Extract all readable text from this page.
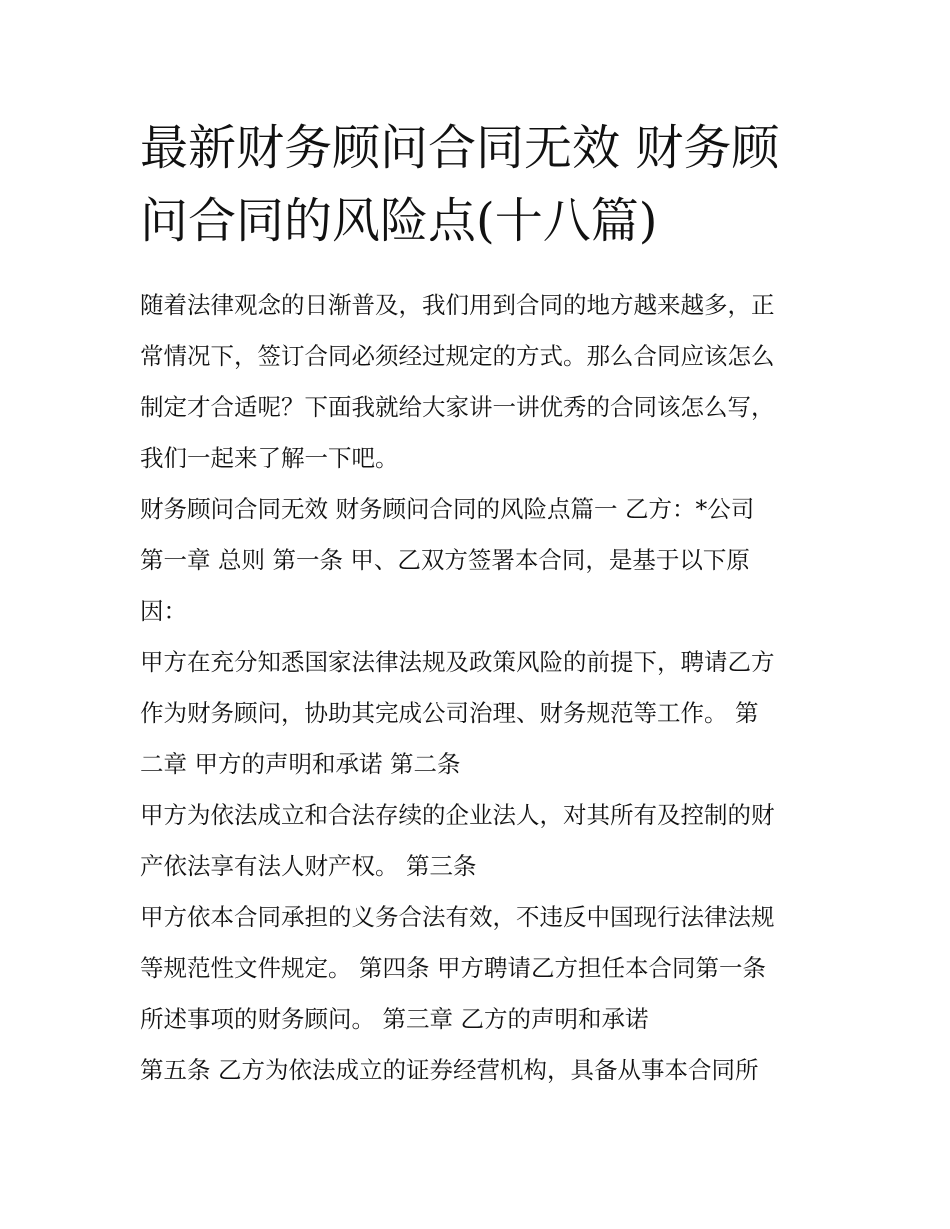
最新财务顾问合同无效 财务顾
问合同的风险点(十八篇)
随着法律观念的日渐普及，我们用到合同的地方越来越多，正
常情况下，签订合同必须经过规定的方式。那么合同应该怎么
制定才合适呢？下面我就给大家讲一讲优秀的合同该怎么写，
我们一起来了解一下吧。
财务顾问合同无效 财务顾问合同的风险点篇一 乙方：*公司
第一章 总则 第一条 甲、乙双方签署本合同，是基于以下原
因：
甲方在充分知悉国家法律法规及政策风险的前提下，聘请乙方
作为财务顾问，协助其完成公司治理、财务规范等工作。 第
二章 甲方的声明和承诺 第二条
甲方为依法成立和合法存续的企业法人，对其所有及控制的财
产依法享有法人财产权。 第三条
甲方依本合同承担的义务合法有效，不违反中国现行法律法规
等规范性文件规定。 第四条 甲方聘请乙方担任本合同第一条
所述事项的财务顾问。 第三章 乙方的声明和承诺
第五条 乙方为依法成立的证券经营机构，具备从事本合同所
